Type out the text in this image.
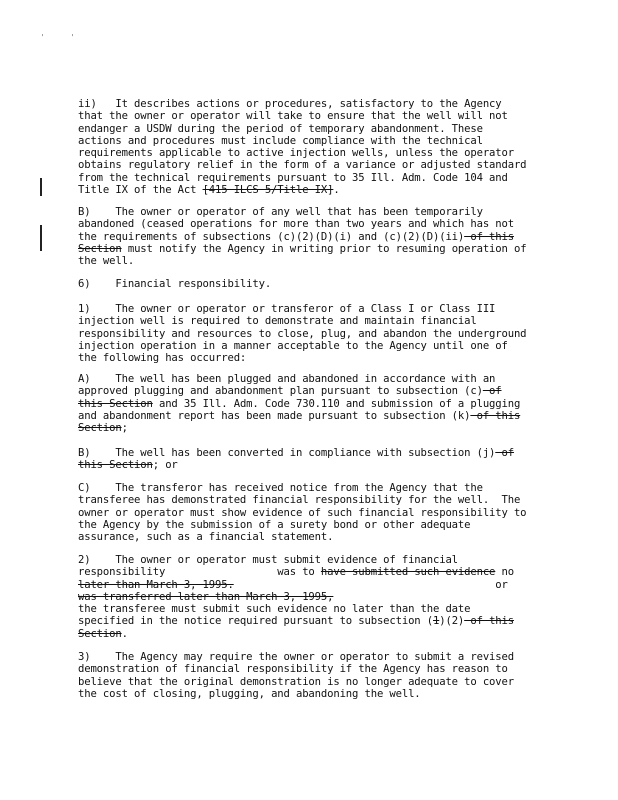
'	'
ii)   It describes actions or procedures, satisfactory to the Agency
that the owner or operator will take to ensure that the well will not
endanger a USDW during the period of temporary abandonment. These
actions and procedures must include compliance with the technical
requirements applicable to active injection wells, unless the operator
obtains regulatory relief in the form of a variance or adjusted standard
from the technical requirements pursuant to 35 Ill. Adm. Code 104 and
Title IX of the Act [415 ILCS 5/Title IX].
B)    The owner or operator of any well that has been temporarily
abandoned (ceased operations for more than two years and which has not
the requirements of subsections (c)(2)(D)(i) and (c)(2)(D)(ii) of this
Section must notify the Agency in writing prior to resuming operation of
the well.
6)    Financial responsibility.
1)    The owner or operator or transferor of a Class I or Class III
injection well is required to demonstrate and maintain financial
responsibility and resources to close, plug, and abandon the underground
injection operation in a manner acceptable to the Agency until one of
the following has occurred:
A)    The well has been plugged and abandoned in accordance with an
approved plugging and abandonment plan pursuant to subsection (c) of
this Section and 35 Ill. Adm. Code 730.110 and submission of a plugging
and abandonment report has been made pursuant to subsection (k) of this
Section;
B)    The well has been converted in compliance with subsection (j) of
this Section; or
C)    The transferor has received notice from the Agency that the
transferee has demonstrated financial responsibility for the well.  The
owner or operator must show evidence of such financial responsibility to
the Agency by the submission of a surety bond or other adequate
assurance, such as a financial statement.
2)    The owner or operator must submit evidence of financial
responsibility                  was to have submitted such evidence no
later than March 3, 1995.                                          or
was transferred later than March 3, 1995,
the transferee must submit such evidence no later than the date
specified in the notice required pursuant to subsection (1)(2) of this
Section.
3)    The Agency may require the owner or operator to submit a revised
demonstration of financial responsibility if the Agency has reason to
believe that the original demonstration is no longer adequate to cover
the cost of closing, plugging, and abandoning the well.
